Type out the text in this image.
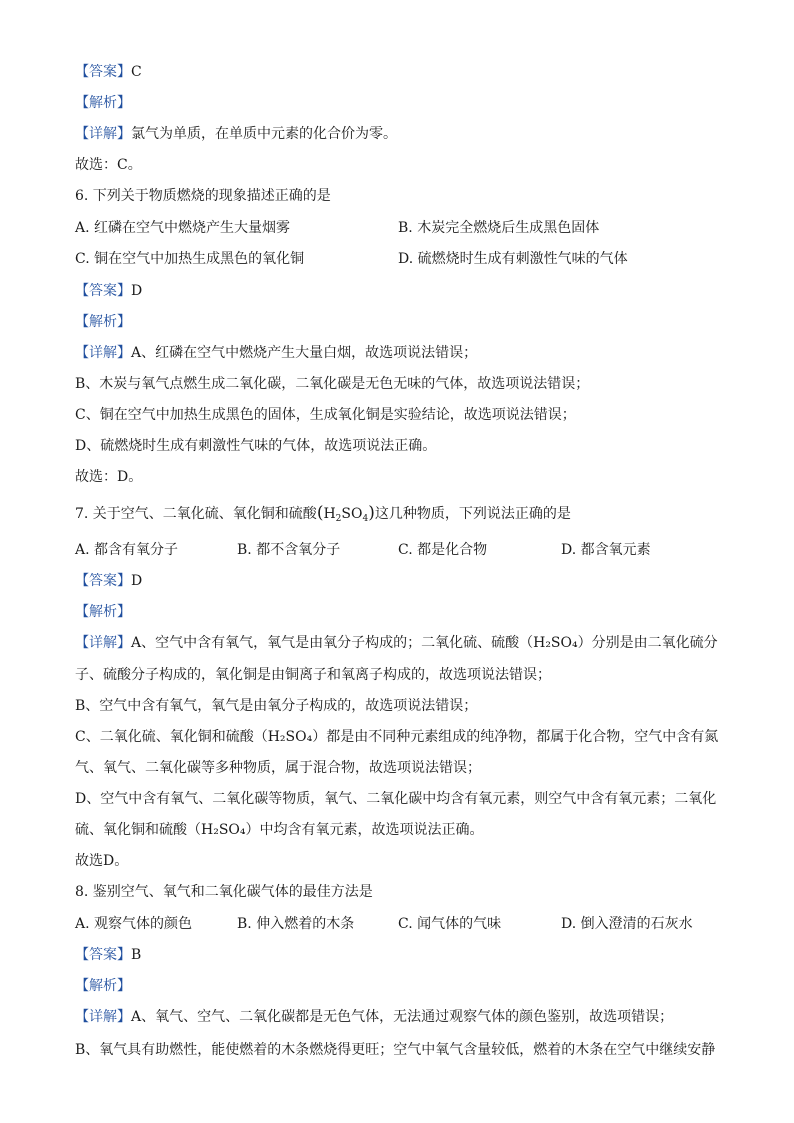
【答案】C
【解析】
【详解】氯气为单质，在单质中元素的化合价为零。
故选：C。
6. 下列关于物质燃烧的现象描述正确的是
A. 红磷在空气中燃烧产生大量烟雾	B. 木炭完全燃烧后生成黑色固体
C. 铜在空气中加热生成黑色的氧化铜	D. 硫燃烧时生成有刺激性气味的气体
【答案】D
【解析】
【详解】A、红磷在空气中燃烧产生大量白烟，故选项说法错误；
B、木炭与氧气点燃生成二氧化碳，二氧化碳是无色无味的气体，故选项说法错误；
C、铜在空气中加热生成黑色的固体，生成氧化铜是实验结论，故选项说法错误；
D、硫燃烧时生成有刺激性气味的气体，故选项说法正确。
故选：D。
7. 关于空气、二氧化硫、氧化铜和硫酸$(H_2SO_4)$这几种物质，下列说法正确的是
A. 都含有氧分子	B. 都不含氧分子	C. 都是化合物	D. 都含氧元素
【答案】D
【解析】
【详解】A、空气中含有氧气，氧气是由氧分子构成的；二氧化硫、硫酸（H₂SO₄）分别是由二氧化硫分
子、硫酸分子构成的，氧化铜是由铜离子和氧离子构成的，故选项说法错误；
B、空气中含有氧气，氧气是由氧分子构成的，故选项说法错误；
C、二氧化硫、氧化铜和硫酸（H₂SO₄）都是由不同种元素组成的纯净物，都属于化合物，空气中含有氮
气、氧气、二氧化碳等多种物质，属于混合物，故选项说法错误；
D、空气中含有氧气、二氧化碳等物质，氧气、二氧化碳中均含有氧元素，则空气中含有氧元素；二氧化
硫、氧化铜和硫酸（H₂SO₄）中均含有氧元素，故选项说法正确。
故选D。
8. 鉴别空气、氧气和二氧化碳气体的最佳方法是
A. 观察气体的颜色	B. 伸入燃着的木条	C. 闻气体的气味	D. 倒入澄清的石灰水
【答案】B
【解析】
【详解】A、氧气、空气、二氧化碳都是无色气体，无法通过观察气体的颜色鉴别，故选项错误；
B、氧气具有助燃性，能使燃着的木条燃烧得更旺；空气中氧气含量较低，燃着的木条在空气中继续安静
